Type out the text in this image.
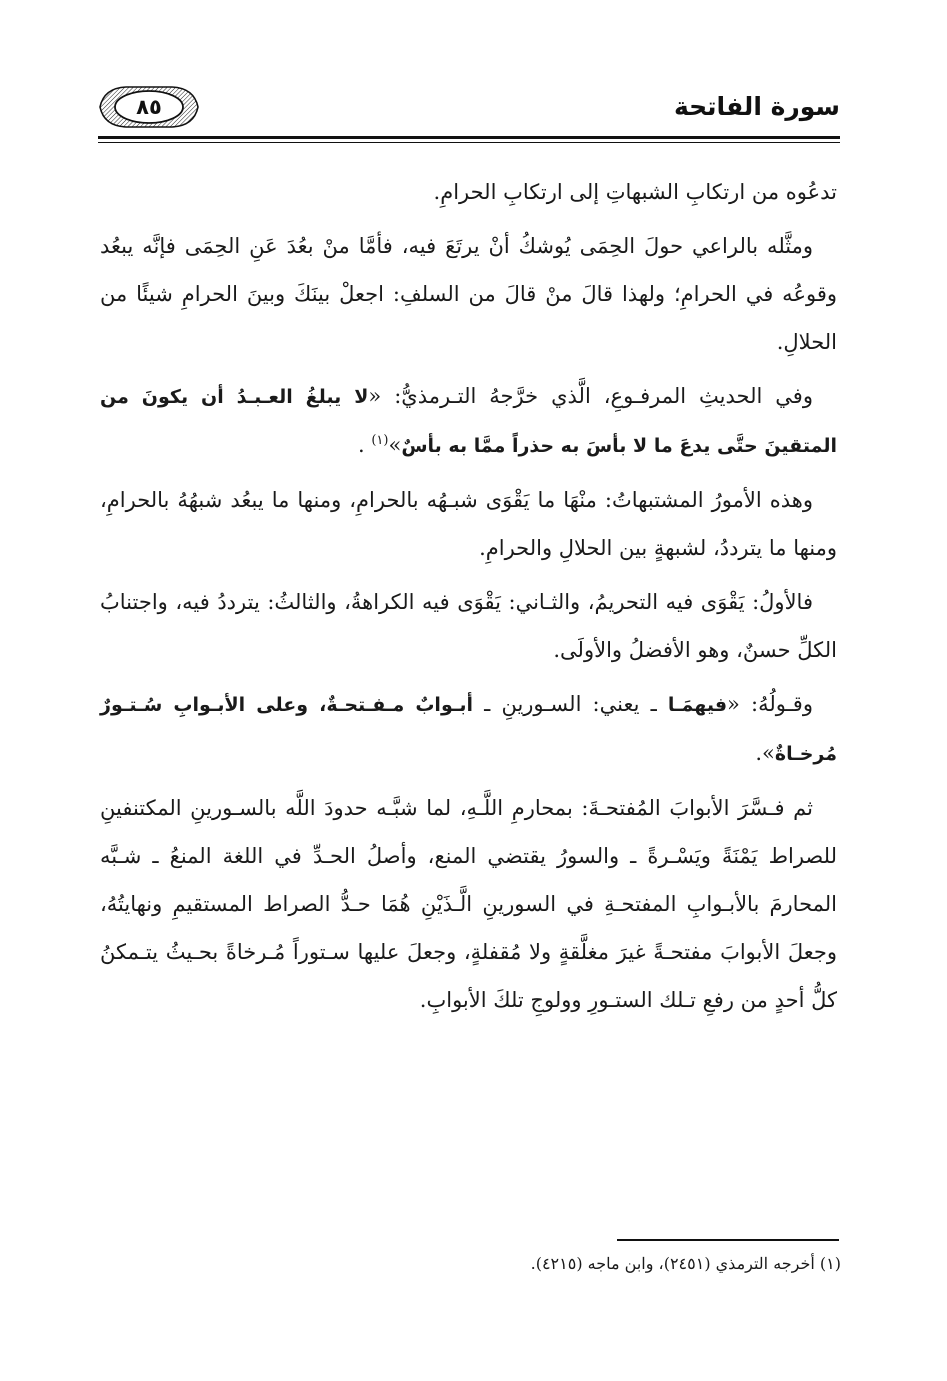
سورة الفاتحة
٨٥

تدعُوه من ارتكابِ الشبهاتِ إلى ارتكابِ الحرامِ.

ومثَّله بالراعي حولَ الحِمَى يُوشكُ أنْ يرتَعَ فيه، فأمَّا منْ بعُدَ عَنِ الحِمَى فإنَّه يبعُد وقوعُه في الحرامِ؛ ولهذا قالَ منْ قالَ من السلفِ: اجعلْ بينَكَ وبينَ الحرامِ شيئًا من الحلالِ.

وفي الحديثِ المرفـوعِ، الَّذي خرَّجهُ التـرمذيُّ: «لا يبلغُ العـبـدُ أن يكونَ من المتقينَ حتَّى يدعَ ما لا بأسَ به حذراً ممَّا به بأسٌ»$^{(١)}$ .

وهذه الأمورُ المشتبهاتُ: منْهَا ما يَقْوَى شبـهُه بالحرامِ، ومنها ما يبعُد شبهُهُ بالحرامِ، ومنها ما يترددُ، لشبهةٍ بين الحلالِ والحرامِ.

فالأولُ: يَقْوَى فيه التحريمُ، والثـاني: يَقْوَى فيه الكراهةُ، والثالثُ: يترددُ فيه، واجتنابُ الكلِّ حسنٌ، وهو الأفضلُ والأولَى.

وقـولُهُ: «فيهمَـا ـ يعني: السـورينِ ـ أبـوابٌ مـفـتحـةٌ، وعلى الأبـوابِ سُـتـورٌ مُرخـاةٌ».

ثم فـسَّرَ الأبوابَ المُفتحـةَ: بمحارمِ اللَّـهِ، لما شبَّـه حدودَ اللَّه بالسـورينِ المكتنفينِ للصراط يَمْنَةً ويَسْـرةً ـ والسورُ يقتضي المنع، وأصلُ الحـدِّ في اللغة المنعُ ـ شـبَّه المحارمَ بالأبـوابِ المفتحـةِ في السورينِ الَّـذَيْنِ هُمَا حـدُّ الصراط المستقيمِ ونهايتُهُ، وجعلَ الأبوابَ مفتحـةً غيرَ مغلَّقةٍ ولا مُقفلةٍ، وجعلَ عليها سـتوراً مُـرخاةً بحـيثُ يتـمكنُ كلُّ أحدٍ من رفعِ تـلك الستـورِ وولوجِ تلكَ الأبوابِ.

(١) أخرجه الترمذي (٢٤٥١)، وابن ماجه (٤٢١٥).
